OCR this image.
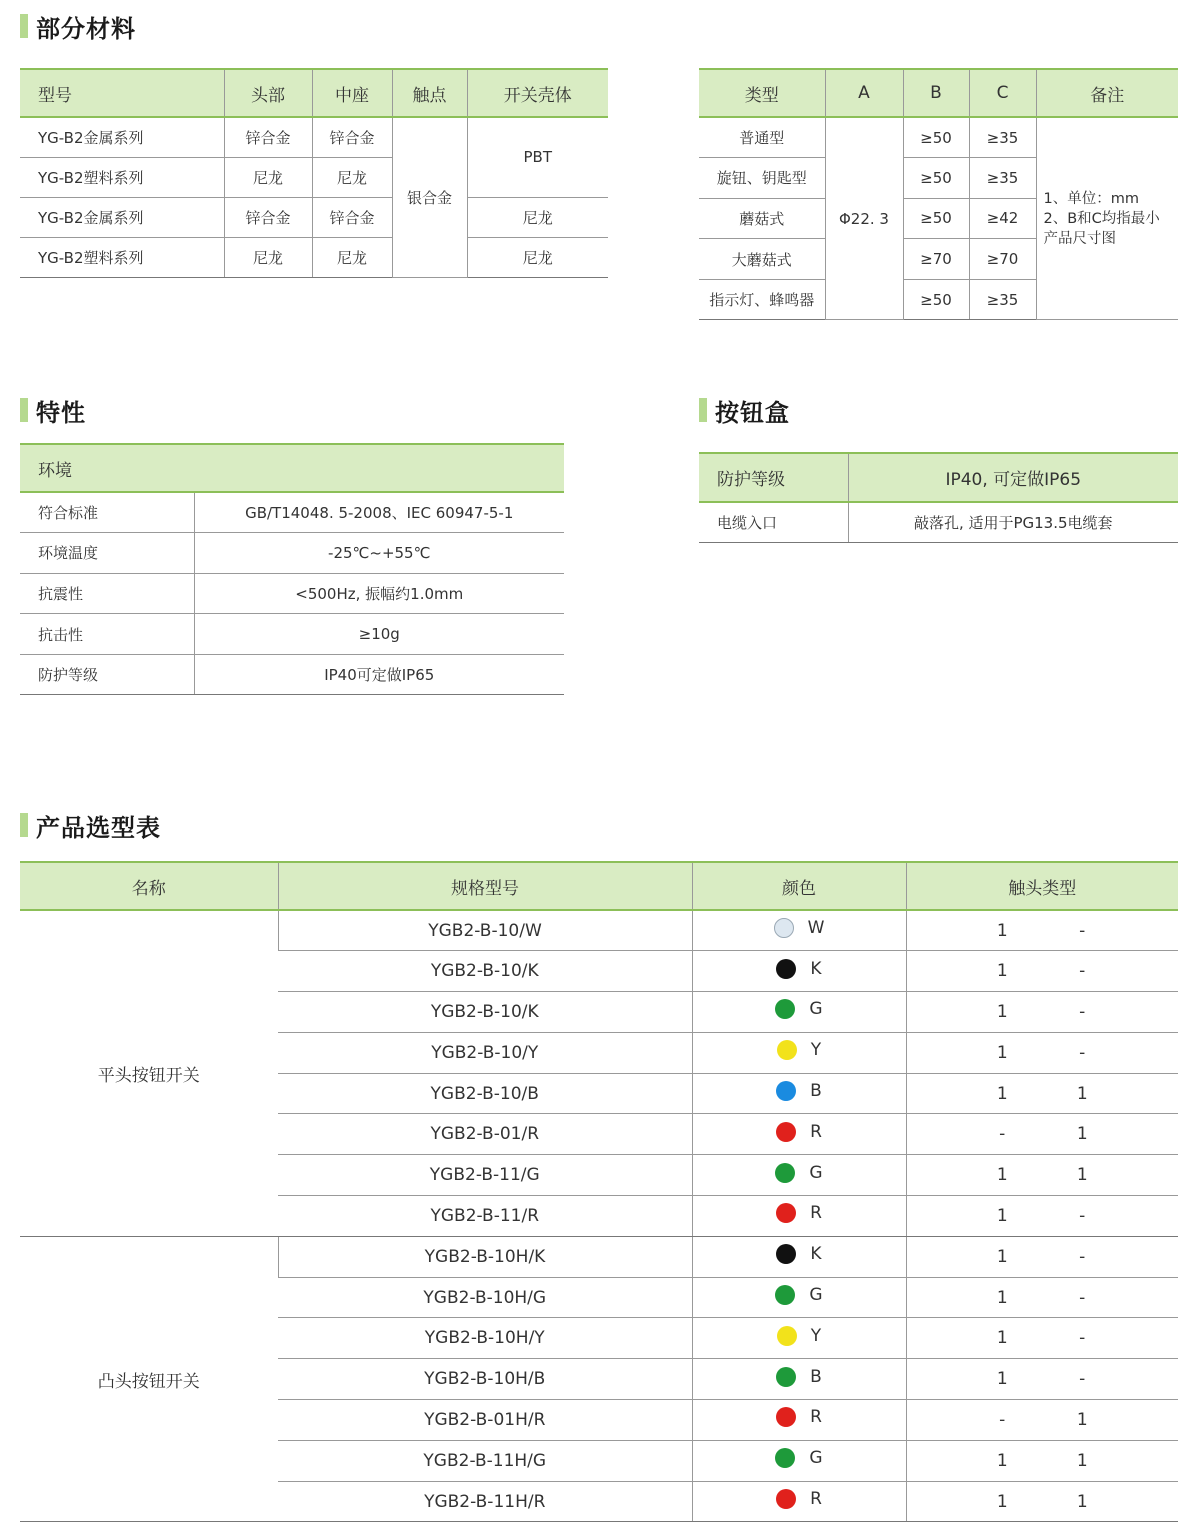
部分材料
特性	按钮盒
产品选型表
型号	头部	中座	触点	开关壳体
YG-B2金属系列	锌合金	锌合金	银合金	PBT
YG-B2塑料系列	尼龙	尼龙		
YG-B2金属系列	锌合金	锌合金		尼龙
YG-B2塑料系列	尼龙	尼龙		尼龙
类型	A	B	C	备注
普通型	Φ22. 3	≥50	≥35	1、单位：mm
2、B和C均指最小
产品尺寸图

旋钮、钥匙型		≥50	≥35	
蘑菇式		≥50	≥42	
大蘑菇式		≥70	≥70	
指示灯、蜂鸣器		≥50	≥35	
环境	
符合标准	GB/T14048. 5-2008、IEC 60947-5-1
环境温度	-25℃~+55℃
抗震性	<500Hz, 振幅约1.0mm
抗击性	≥10g
防护等级	IP40可定做IP65
防护等级	IP40, 可定做IP65
电缆入口	敲落孔, 适用于PG13.5电缆套
名称	规格型号	颜色	触头类型
平头按钮开关	YGB2-B-10/W	W	1 -

	YGB2-B-10/K	K	1 -

	YGB2-B-10/K	G	1 -

	YGB2-B-10/Y	Y	1 -

	YGB2-B-10/B	B	1 1

	YGB2-B-01/R	R	- 1

	YGB2-B-11/G	G	1 1

	YGB2-B-11/R	R	1 -

凸头按钮开关	YGB2-B-10H/K	K	1 -

	YGB2-B-10H/G	G	1 -

	YGB2-B-10H/Y	Y	1 -

	YGB2-B-10H/B	B	1 -

	YGB2-B-01H/R	R	- 1

	YGB2-B-11H/G	G	1 1

	YGB2-B-11H/R	R	1 1
